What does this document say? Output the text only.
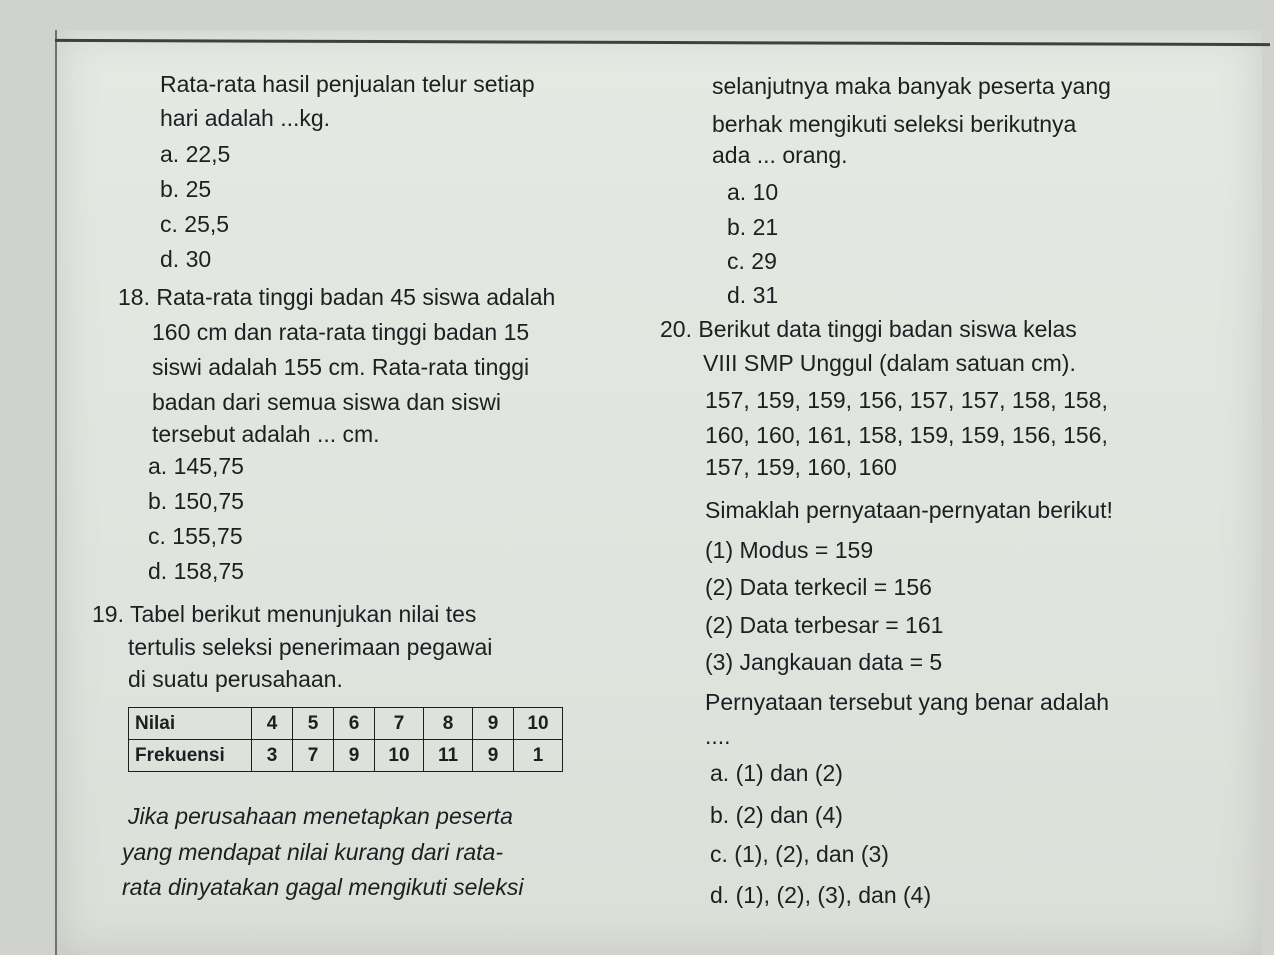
Rata-rata hasil penjualan telur setiap
hari adalah ...kg.
a. 22,5
b. 25
c. 25,5
d. 30
18. Rata-rata tinggi badan 45 siswa adalah
160 cm dan rata-rata tinggi badan 15
siswi adalah 155 cm. Rata-rata tinggi
badan dari semua siswa dan siswi
tersebut adalah ... cm.
a. 145,75
b. 150,75
c. 155,75
d. 158,75
19. Tabel berikut menunjukan nilai tes
tertulis seleksi penerimaan pegawai
di suatu perusahaan.
Nilai	4	5	6	7	8	9	10
Frekuensi	3	7	9	10	11	9	1
Jika perusahaan menetapkan peserta
yang mendapat nilai kurang dari rata-
rata dinyatakan gagal mengikuti seleksi
selanjutnya maka banyak peserta yang
berhak mengikuti seleksi berikutnya
ada ... orang.
a. 10
b. 21
c. 29
d. 31
20. Berikut data tinggi badan siswa kelas
VIII SMP Unggul (dalam satuan cm).
157, 159, 159, 156, 157, 157, 158, 158,
160, 160, 161, 158, 159, 159, 156, 156,
157, 159, 160, 160
Simaklah pernyataan-pernyatan berikut!
(1) Modus = 159
(2) Data terkecil = 156
(2) Data terbesar = 161
(3) Jangkauan data = 5
Pernyataan tersebut yang benar adalah
....
a. (1) dan (2)
b. (2) dan (4)
c. (1), (2), dan (3)
d. (1), (2), (3), dan (4)
